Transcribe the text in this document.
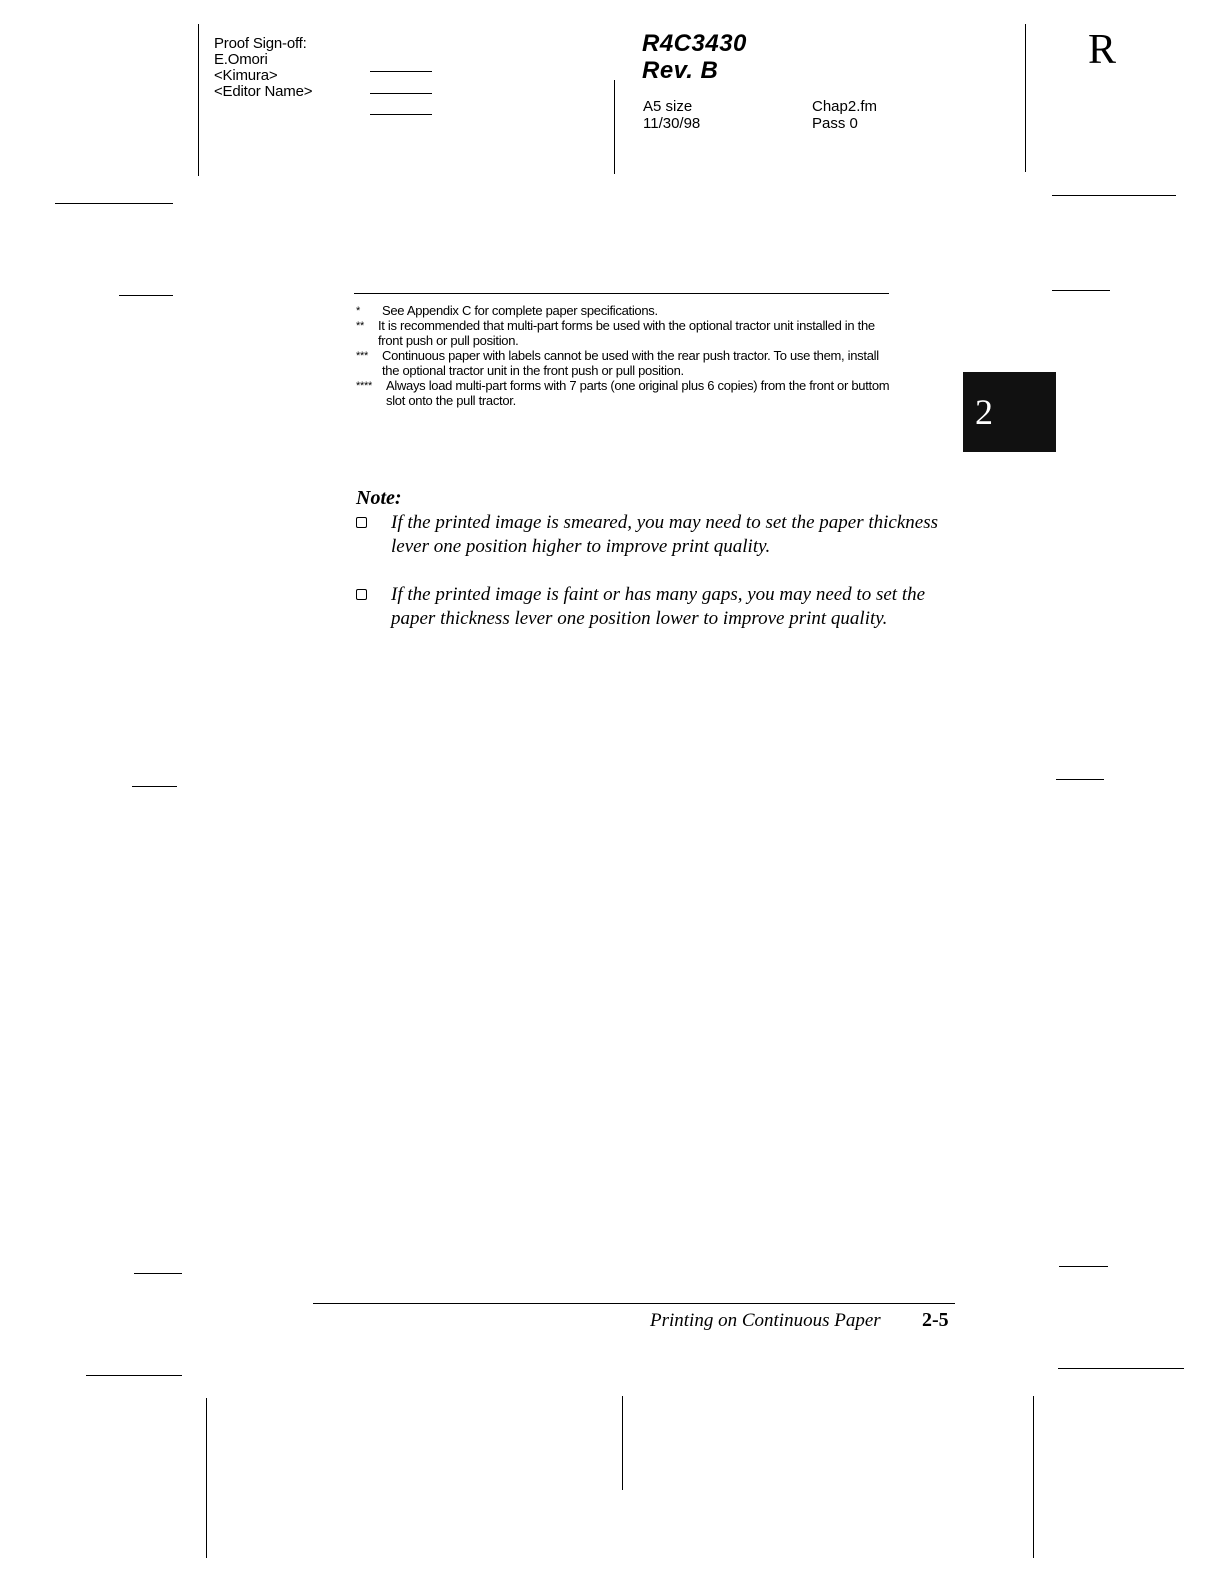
Proof Sign-off:
E.Omori
<Kimura>
<Editor Name>
R4C3430
Rev. B
A5 size
11/30/98
Chap2.fm
Pass 0
R
* See Appendix C for complete paper specifications.
** It is recommended that multi-part forms be used with the optional tractor unit installed in the front push or pull position.
*** Continuous paper with labels cannot be used with the rear push tractor. To use them, install the optional tractor unit in the front push or pull position.
**** Always load multi-part forms with 7 parts (one original plus 6 copies) from the front or buttom slot onto the pull tractor.	2
Note:
If the printed image is smeared, you may need to set the paper thickness lever one position higher to improve print quality.
If the printed image is faint or has many gaps, you may need to set the paper thickness lever one position lower to improve print quality.
Printing on Continuous Paper 2-5
